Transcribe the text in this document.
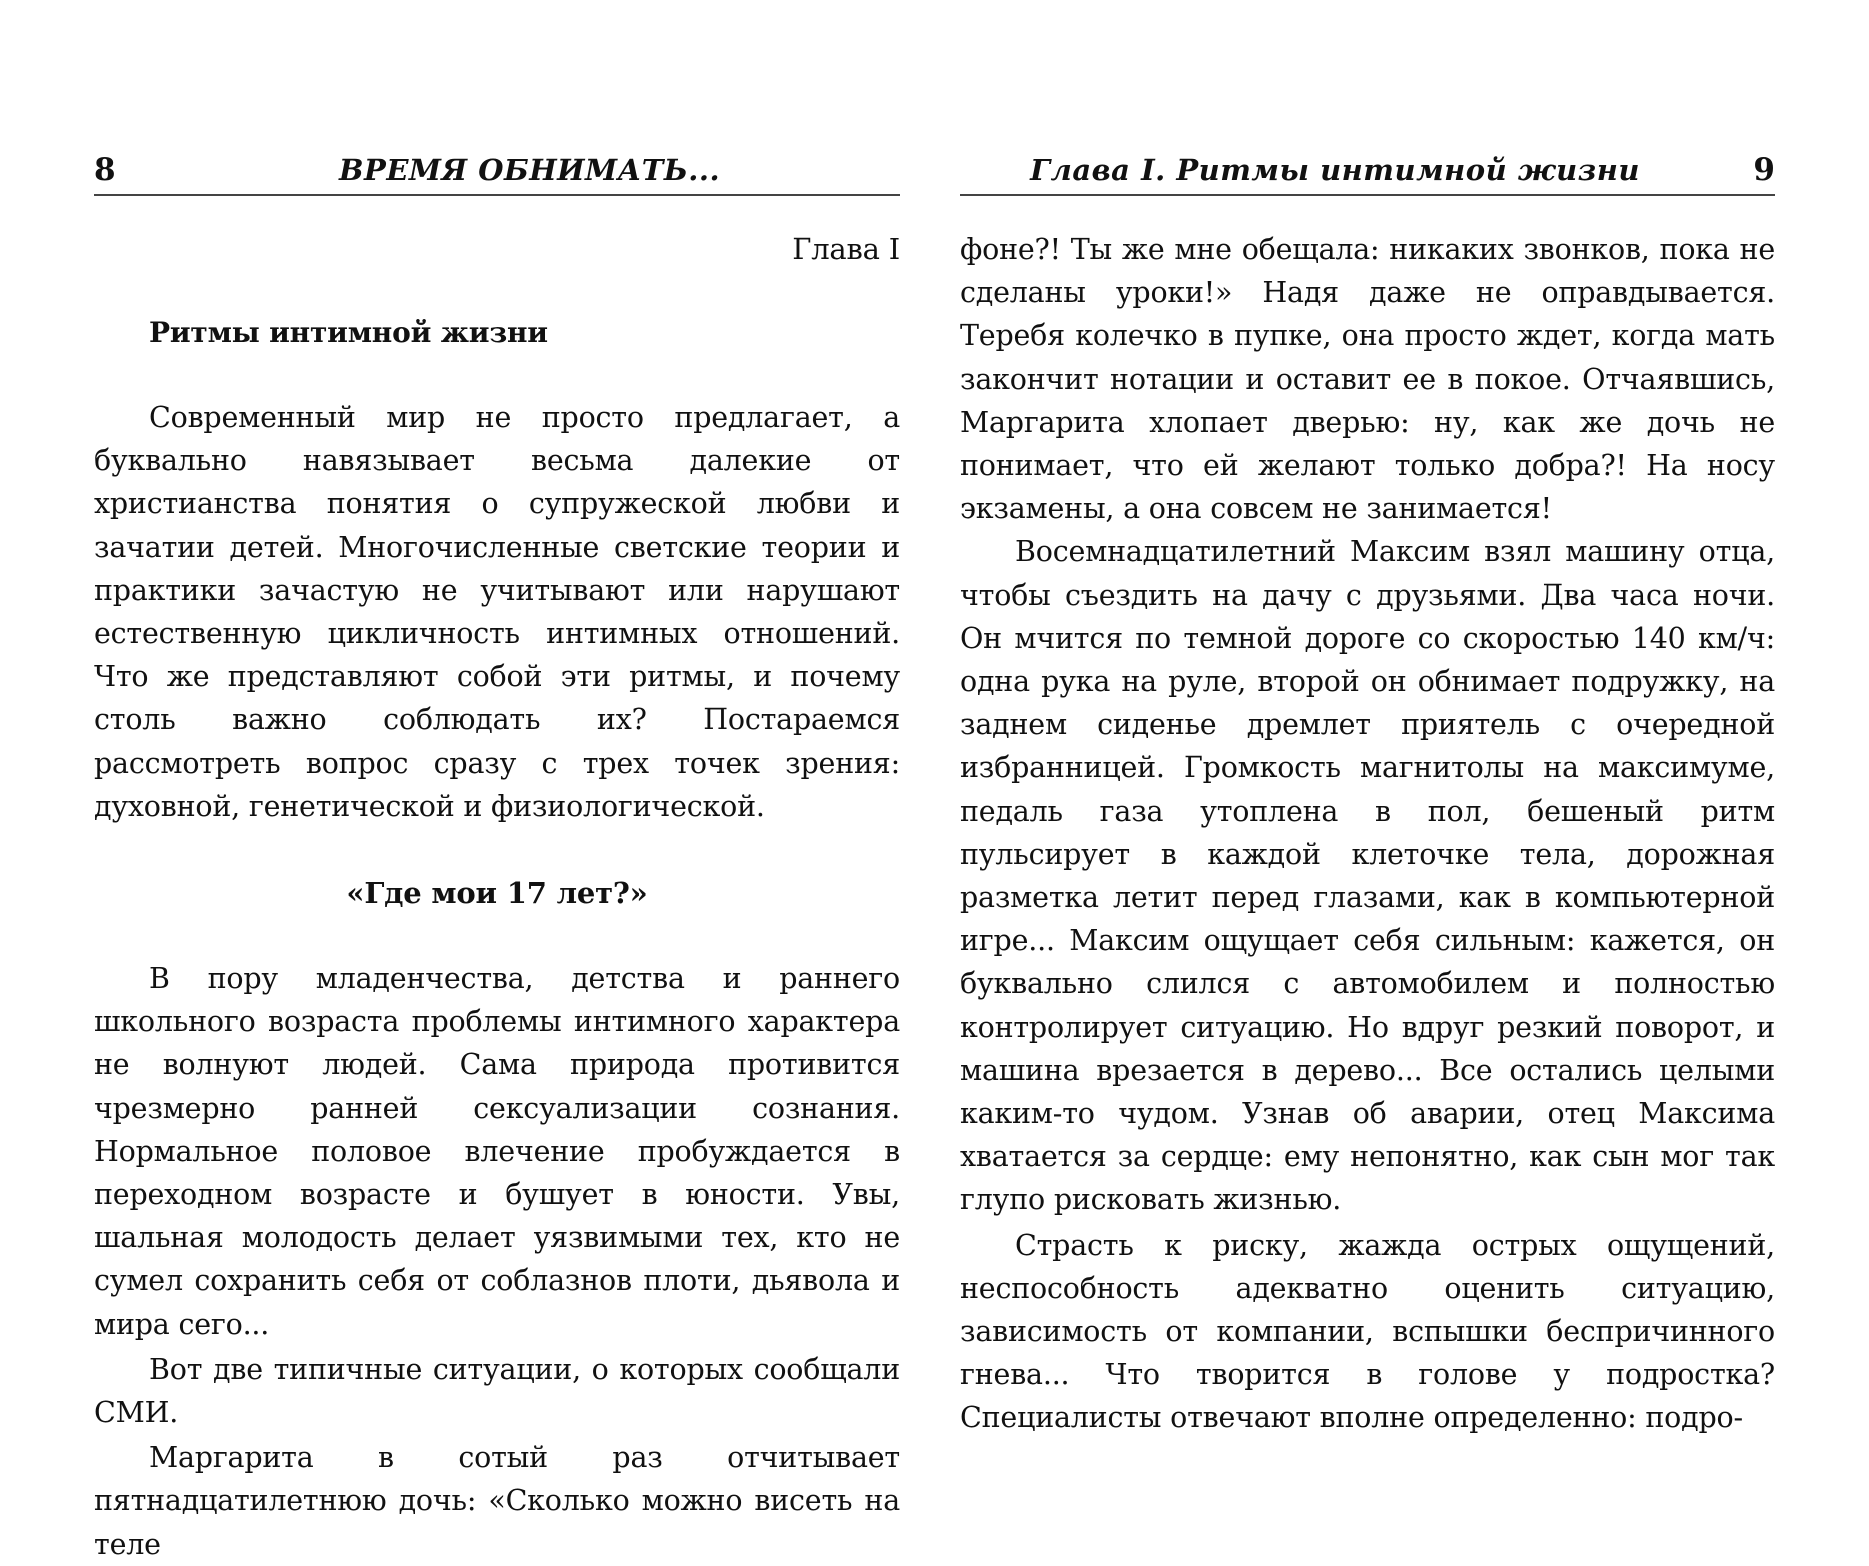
8	ВРЕМЯ ОБНИМАТЬ...

Глава I

Ритмы интимной жизни

Современный мир не просто предлагает, а буквально навязывает весьма далекие от христианства понятия о супружеской любви и зачатии детей. Многочисленные светские теории и практики зачастую не учитывают или нарушают естественную цикличность интимных отношений. Что же представляют собой эти ритмы, и почему столь важно соблюдать их? Постараемся рассмотреть вопрос сразу с трех точек зрения: духовной, генетической и физиологической.

«Где мои 17 лет?»

В пору младенчества, детства и раннего школьного возраста проблемы интимного характера не волнуют людей. Сама природа противится чрезмерно ранней сексуализации сознания. Нормальное половое влечение пробуждается в переходном возрасте и бушует в юности. Увы, шальная молодость делает уязвимыми тех, кто не сумел сохранить себя от соблазнов плоти, дьявола и мира сего...

Вот две типичные ситуации, о которых сообщали СМИ.

Маргарита в сотый раз отчитывает пятнадцатилетнюю дочь: «Сколько можно висеть на теле

Глава I. Ритмы интимной жизни	9

фоне?! Ты же мне обещала: никаких звонков, пока не сделаны уроки!» Надя даже не оправдывается. Теребя колечко в пупке, она просто ждет, когда мать закончит нотации и оставит ее в покое. Отчаявшись, Маргарита хлопает дверью: ну, как же дочь не понимает, что ей желают только добра?! На носу экзамены, а она совсем не занимается!

Восемнадцатилетний Максим взял машину отца, чтобы съездить на дачу с друзьями. Два часа ночи. Он мчится по темной дороге со скоростью 140 км/ч: одна рука на руле, второй он обнимает подружку, на заднем сиденье дремлет приятель с очередной избранницей. Громкость магнитолы на максимуме, педаль газа утоплена в пол, бешеный ритм пульсирует в каждой клеточке тела, дорожная разметка летит перед глазами, как в компьютерной игре... Максим ощущает себя сильным: кажется, он буквально слился с автомобилем и полностью контролирует ситуацию. Но вдруг резкий поворот, и машина врезается в дерево... Все остались целыми каким-то чудом. Узнав об аварии, отец Максима хватается за сердце: ему непонятно, как сын мог так глупо рисковать жизнью.

Страсть к риску, жажда острых ощущений, неспособность адекватно оценить ситуацию, зависимость от компании, вспышки беспричинного гнева... Что творится в голове у подростка? Специалисты отвечают вполне определенно: подро-
